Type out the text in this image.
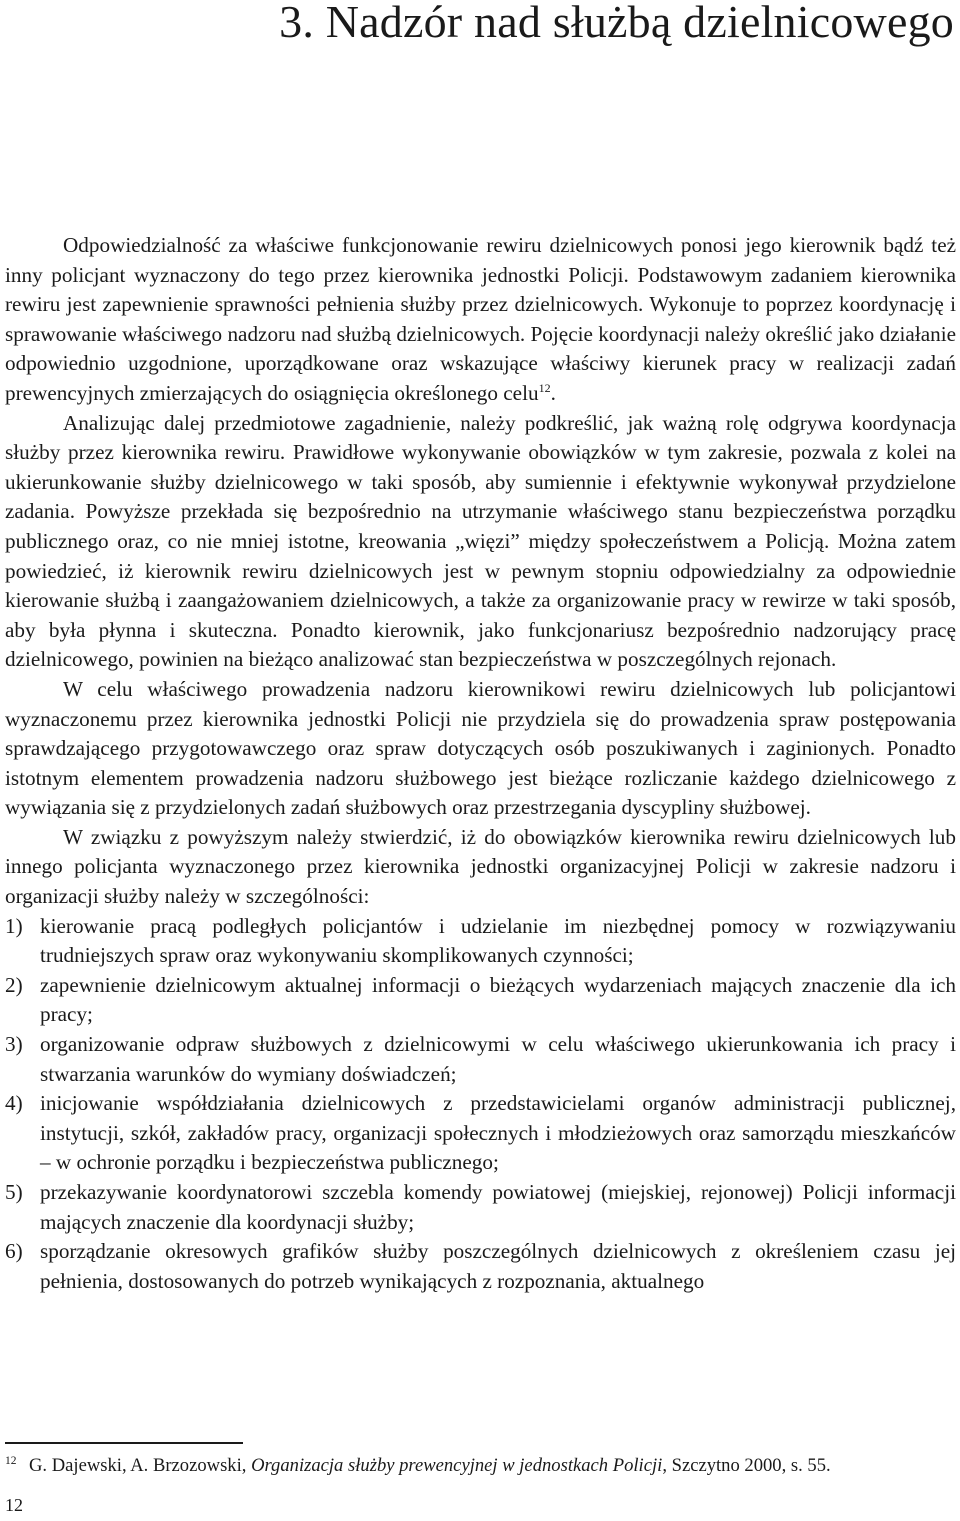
3. Nadzór nad służbą dzielnicowego

Odpowiedzialność za właściwe funkcjonowanie rewiru dzielnicowych ponosi jego kierownik bądź też inny policjant wyznaczony do tego przez kierownika jednostki Policji. Podstawowym zadaniem kierownika rewiru jest zapewnienie sprawności pełnienia służby przez dzielnicowych. Wykonuje to poprzez koordynację i sprawowanie właściwego nadzoru nad służbą dzielnicowych. Pojęcie koordynacji należy określić jako działanie odpowiednio uzgodnione, uporządkowane oraz wskazujące właściwy kierunek pracy w realizacji zadań prewencyjnych zmierzających do osiągnięcia określonego celu$^{12}$.

Analizując dalej przedmiotowe zagadnienie, należy podkreślić, jak ważną rolę odgrywa koordynacja służby przez kierownika rewiru. Prawidłowe wykonywanie obowiązków w tym zakresie, pozwala z kolei na ukierunkowanie służby dzielnicowego w taki sposób, aby sumiennie i efektywnie wykonywał przydzielone zadania. Powyższe przekłada się bezpośrednio na utrzymanie właściwego stanu bezpieczeństwa porządku publicznego oraz, co nie mniej istotne, kreowania „więzi” między społeczeństwem a Policją. Można zatem powiedzieć, iż kierownik rewiru dzielnicowych jest w pewnym stopniu odpowiedzialny za odpowiednie kierowanie służbą i zaangażowaniem dzielnicowych, a także za organizowanie pracy w rewirze w taki sposób, aby była płynna i skuteczna. Ponadto kierownik, jako funkcjonariusz bezpośrednio nadzorujący pracę dzielnicowego, powinien na bieżąco analizować stan bezpieczeństwa w poszczególnych rejonach.

W celu właściwego prowadzenia nadzoru kierownikowi rewiru dzielnicowych lub policjantowi wyznaczonemu przez kierownika jednostki Policji nie przydziela się do prowadzenia spraw postępowania sprawdzającego przygotowawczego oraz spraw dotyczących osób poszukiwanych i zaginionych. Ponadto istotnym elementem prowadzenia nadzoru służbowego jest bieżące rozliczanie każdego dzielnicowego z wywiązania się z przydzielonych zadań służbowych oraz przestrzegania dyscypliny służbowej.

W związku z powyższym należy stwierdzić, iż do obowiązków kierownika rewiru dzielnicowych lub innego policjanta wyznaczonego przez kierownika jednostki organizacyjnej Policji w zakresie nadzoru i organizacji służby należy w szczególności:

1) kierowanie pracą podległych policjantów i udzielanie im niezbędnej pomocy w rozwiązywaniu trudniejszych spraw oraz wykonywaniu skomplikowanych czynności;
2) zapewnienie dzielnicowym aktualnej informacji o bieżących wydarzeniach mających znaczenie dla ich pracy;
3) organizowanie odpraw służbowych z dzielnicowymi w celu właściwego ukierunkowania ich pracy i stwarzania warunków do wymiany doświadczeń;
4) inicjowanie współdziałania dzielnicowych z przedstawicielami organów administracji publicznej, instytucji, szkół, zakładów pracy, organizacji społecznych i młodzieżowych oraz samorządu mieszkańców – w ochronie porządku i bezpieczeństwa publicznego;
5) przekazywanie koordynatorowi szczebla komendy powiatowej (miejskiej, rejonowej) Policji informacji mających znaczenie dla koordynacji służby;
6) sporządzanie okresowych grafików służby poszczególnych dzielnicowych z określeniem czasu jej pełnienia, dostosowanych do potrzeb wynikających z rozpoznania, aktualnego
12 G. Dajewski, A. Brzozowski, Organizacja służby prewencyjnej w jednostkach Policji, Szczytno 2000, s. 55.
12
